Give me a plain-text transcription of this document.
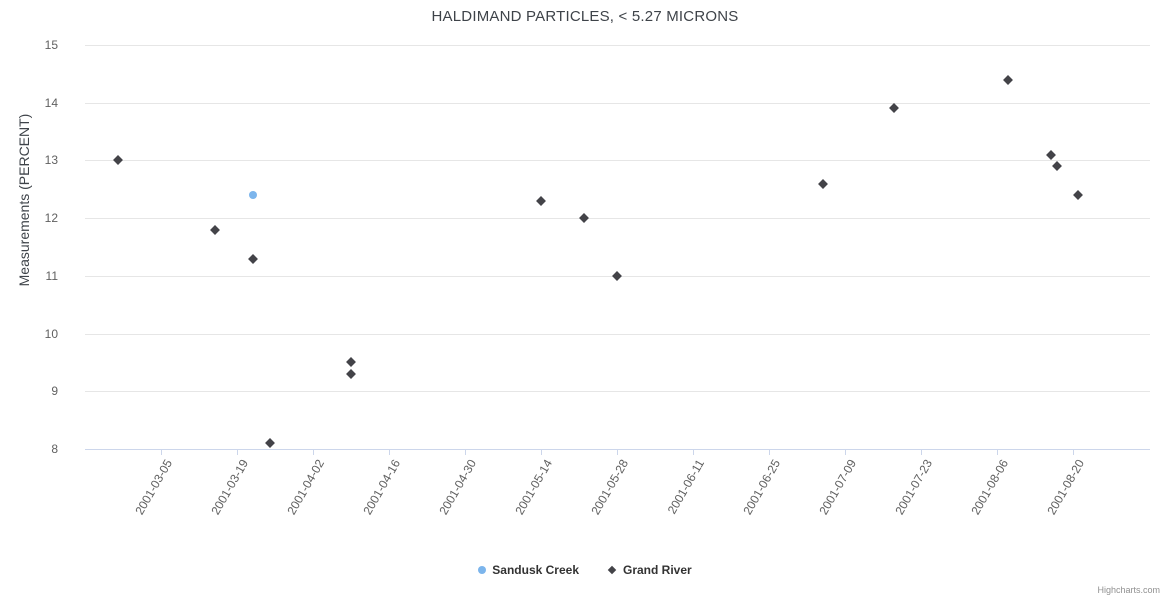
HALDIMAND PARTICLES, < 5.27 MICRONS
Measurements (PERCENT)
8
9
10
11
12
13
14
15
Sandusk Creek	Grand River
Highcharts.com
2001-03-05	2001-03-19	2001-04-02	2001-04-16	2001-04-30	2001-05-14	2001-05-28	2001-06-11	2001-06-25	2001-07-09	2001-07-23	2001-08-06	2001-08-20
